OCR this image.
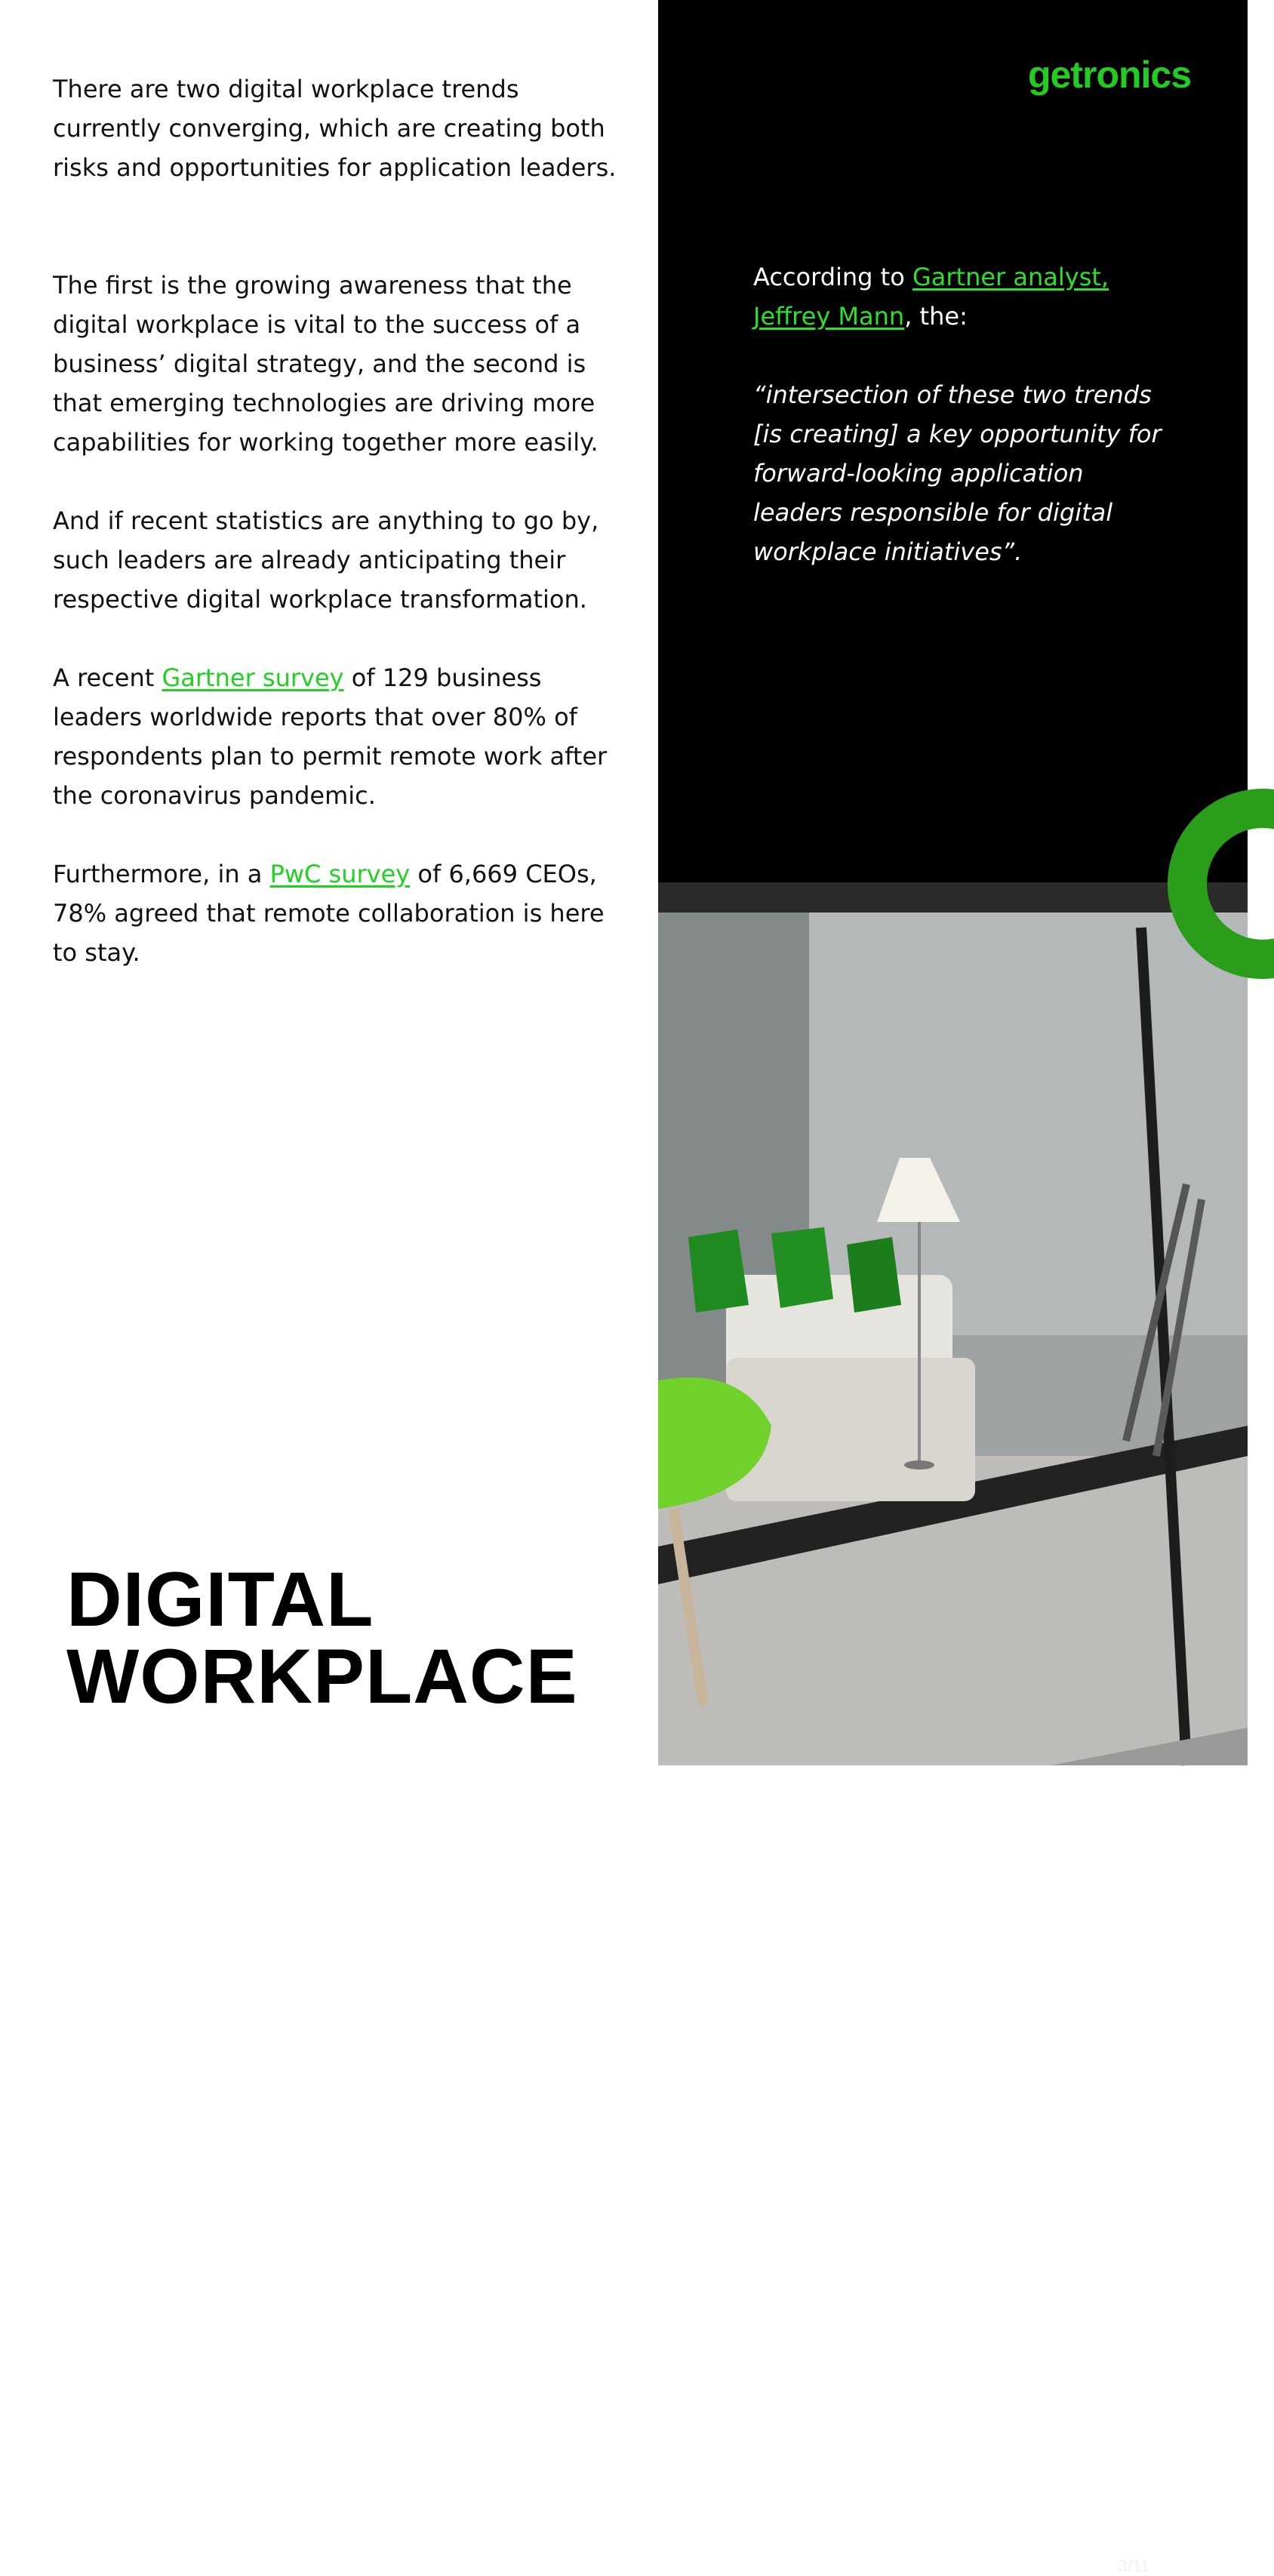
There are two digital workplace trends currently converging, which are creating both risks and opportunities for application leaders.

The first is the growing awareness that the digital workplace is vital to the success of a business’ digital strategy, and the second is that emerging technologies are driving more capabilities for working together more easily.

And if recent statistics are anything to go by, such leaders are already anticipating their respective digital workplace transformation.

A recent Gartner survey of 129 business leaders worldwide reports that over 80% of respondents plan to permit remote work after the coronavirus pandemic.

Furthermore, in a PwC survey of 6,669 CEOs, 78% agreed that remote collaboration is here to stay.

DIGITAL
WORKPLACE
getronics
According to Gartner analyst, Jeffrey Mann, the:
“intersection of these two trends [is creating] a key opportunity for forward-looking application leaders responsible for digital workplace initiatives”.
3/11
